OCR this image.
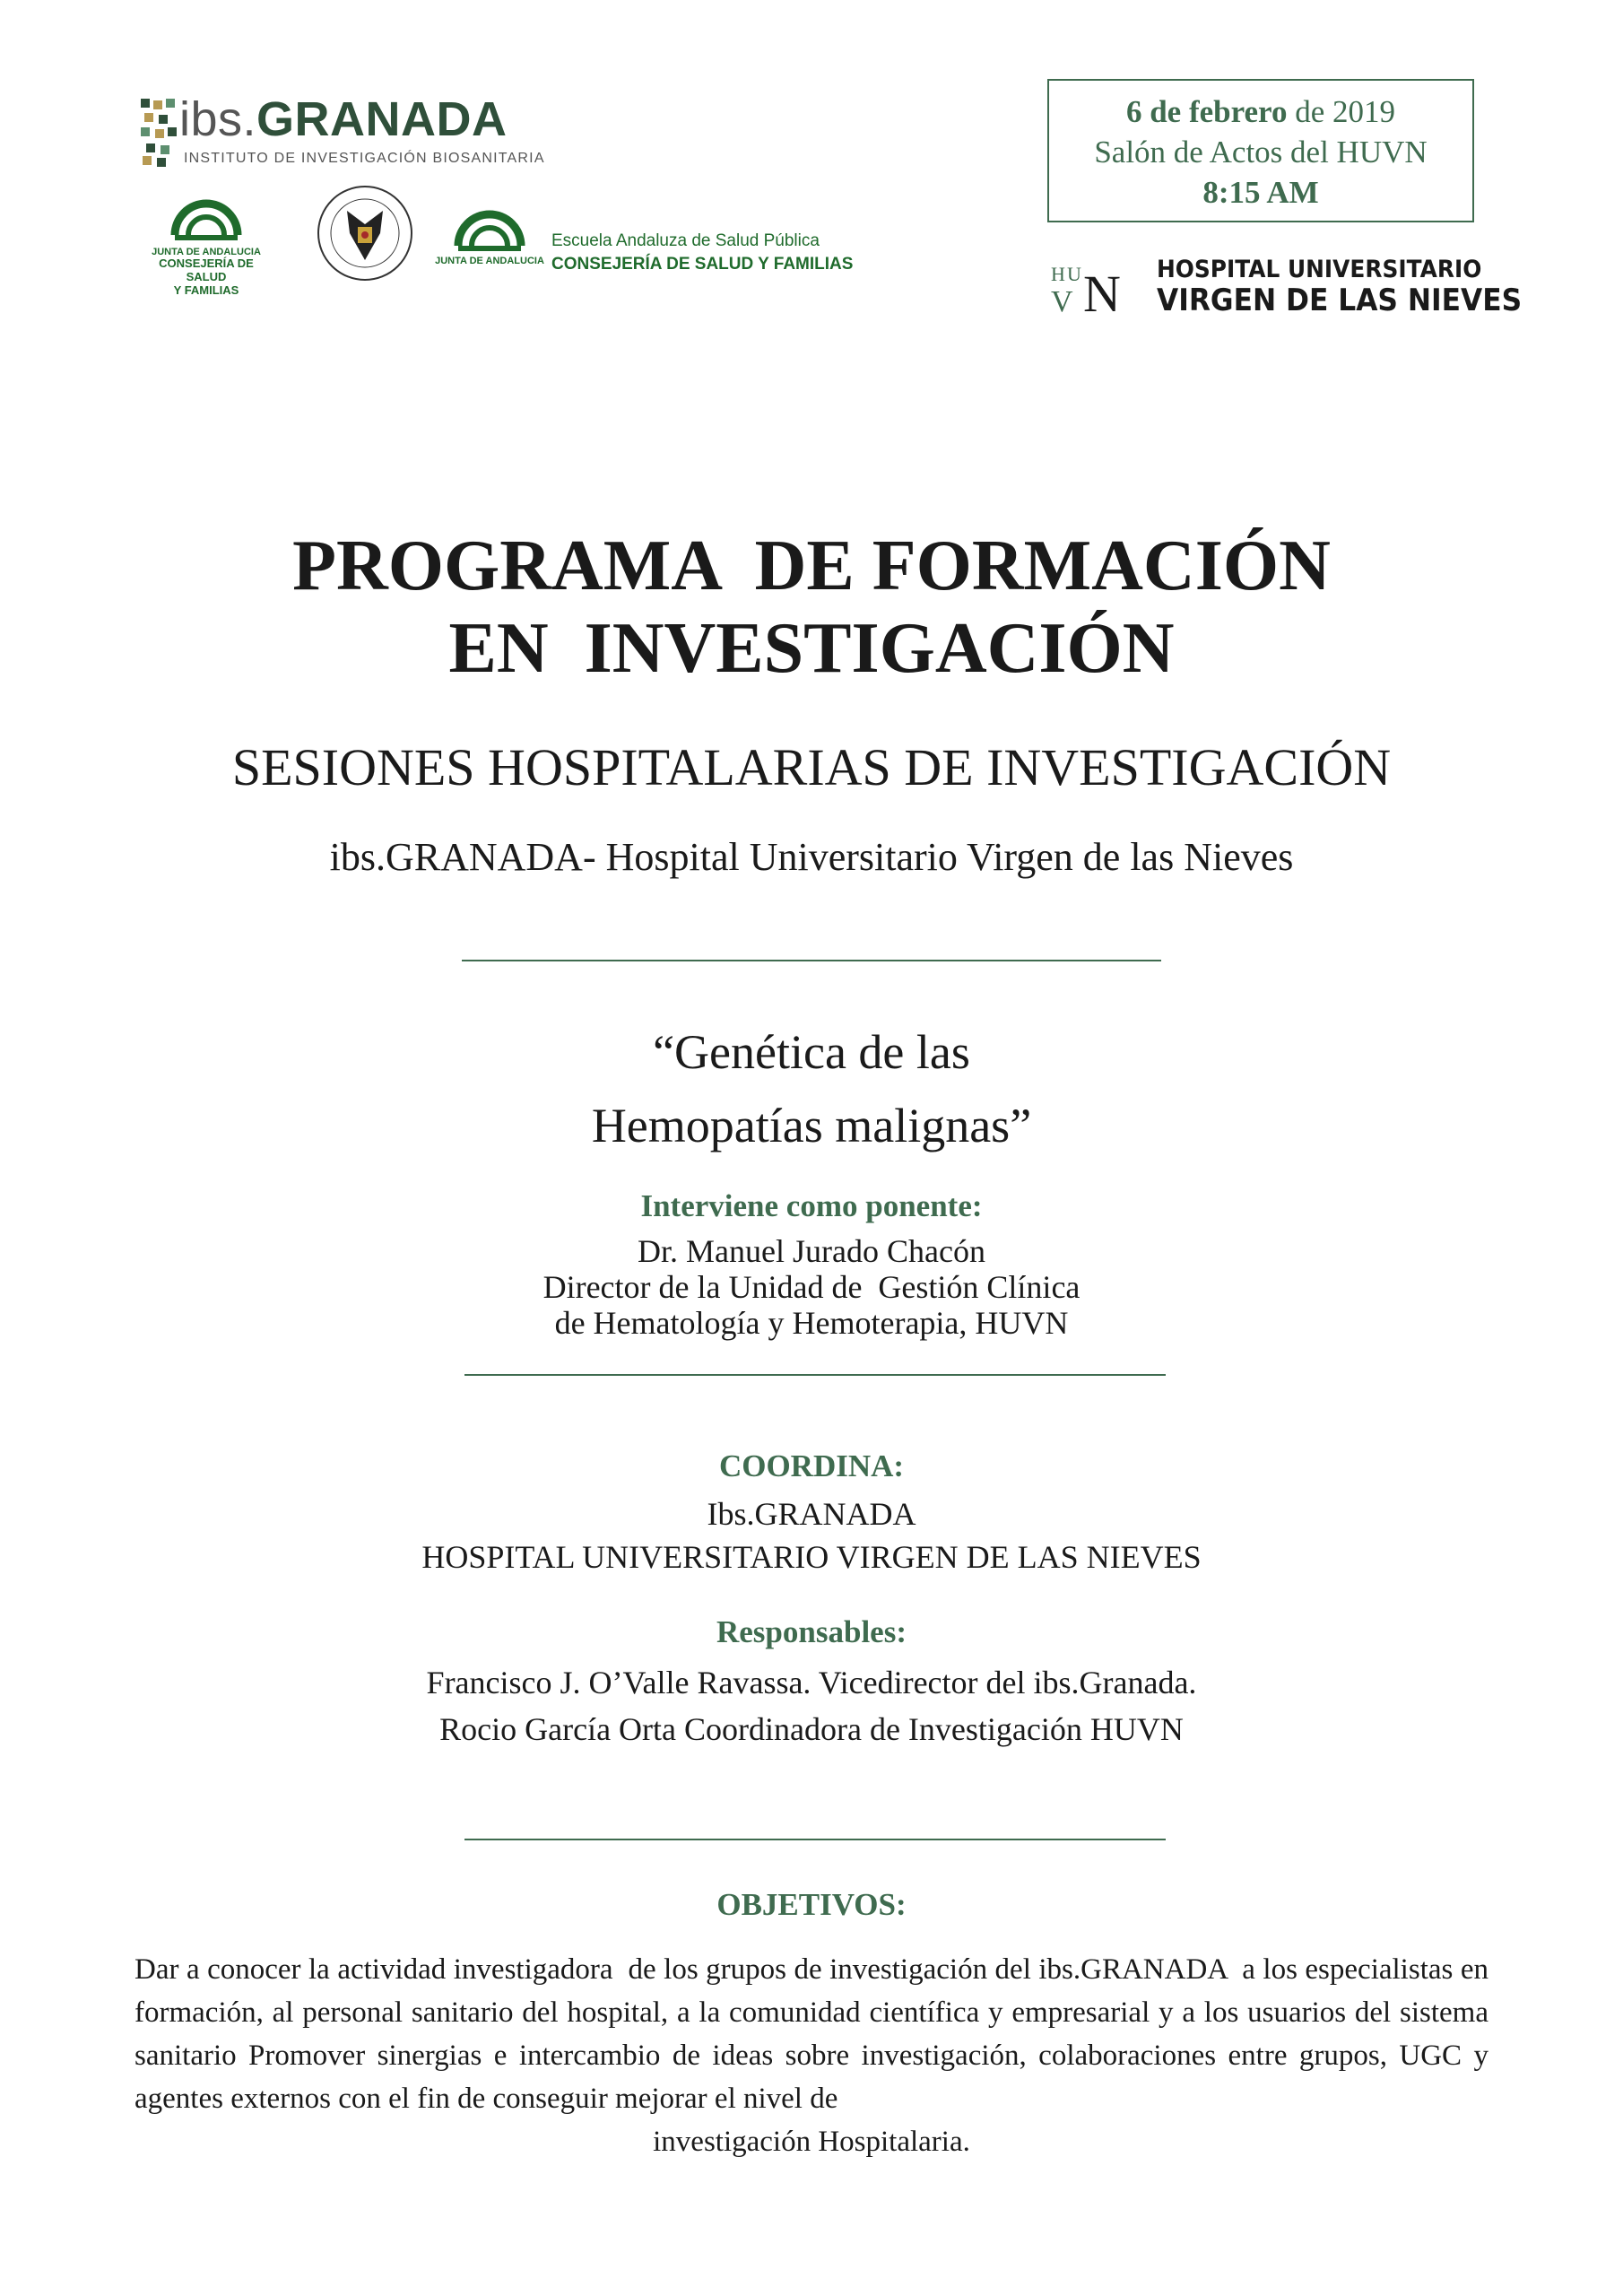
ibs.GRANADA
INSTITUTO DE INVESTIGACIÓN BIOSANITARIA
JUNTA DE ANDALUCIA
CONSEJERÍA DE SALUD
Y FAMILIAS
JUNTA DE ANDALUCIA
Escuela Andaluza de Salud Pública
CONSEJERÍA DE SALUD Y FAMILIAS
6 de febrero de 2019
Salón de Actos del HUVN
8:15 AM
H U
V N HOSPITAL UNIVERSITARIO
VIRGEN DE LAS NIEVES
PROGRAMA  DE FORMACIÓN
EN  INVESTIGACIÓN
SESIONES HOSPITALARIAS DE INVESTIGACIÓN
ibs.GRANADA- Hospital Universitario Virgen de las Nieves
“Genética de las
Hemopatías malignas”
Interviene como ponente:
Dr. Manuel Jurado Chacón
Director de la Unidad de  Gestión Clínica
de Hematología y Hemoterapia, HUVN
COORDINA:
Ibs.GRANADA
HOSPITAL UNIVERSITARIO VIRGEN DE LAS NIEVES
Responsables:
Francisco J. O’Valle Ravassa. Vicedirector del ibs.Granada.
Rocio García Orta Coordinadora de Investigación HUVN
OBJETIVOS:
Dar a conocer la actividad investigadora  de los grupos de investigación del ibs.GRANADA  a los especialistas en formación, al personal sanitario del hospital, a la comunidad científica y empresarial y a los usuarios del sistema  sanitario Promover sinergias e intercambio de ideas sobre investigación, colaboraciones entre grupos, UGC y agentes externos con el fin de conseguir mejorar el nivel de
investigación Hospitalaria.
